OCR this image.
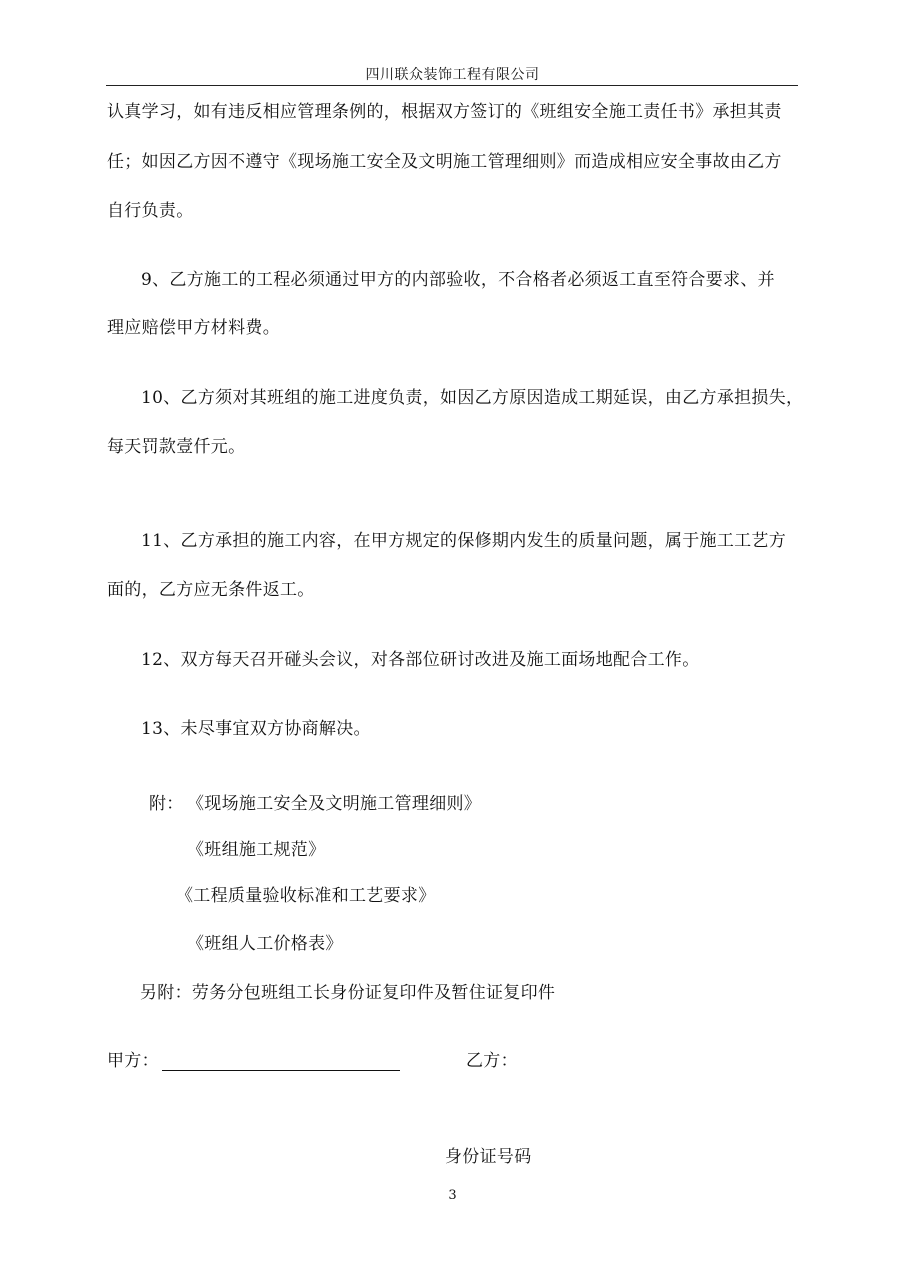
四川联众装饰工程有限公司
认真学习，如有违反相应管理条例的，根据双方签订的《班组安全施工责任书》承担其责
任；如因乙方因不遵守《现场施工安全及文明施工管理细则》而造成相应安全事故由乙方
自行负责。
9、乙方施工的工程必须通过甲方的内部验收，不合格者必须返工直至符合要求、并
理应赔偿甲方材料费。
10、乙方须对其班组的施工进度负责，如因乙方原因造成工期延误，由乙方承担损失，
每天罚款壹仟元。
11、乙方承担的施工内容，在甲方规定的保修期内发生的质量问题，属于施工工艺方
面的，乙方应无条件返工。
12、双方每天召开碰头会议，对各部位研讨改进及施工面场地配合工作。
13、未尽事宜双方协商解决。
附： 《现场施工安全及文明施工管理细则》
《班组施工规范》
《工程质量验收标准和工艺要求》
《班组人工价格表》
另附：劳务分包班组工长身份证复印件及暂住证复印件
甲方：	乙方：
身份证号码
3
